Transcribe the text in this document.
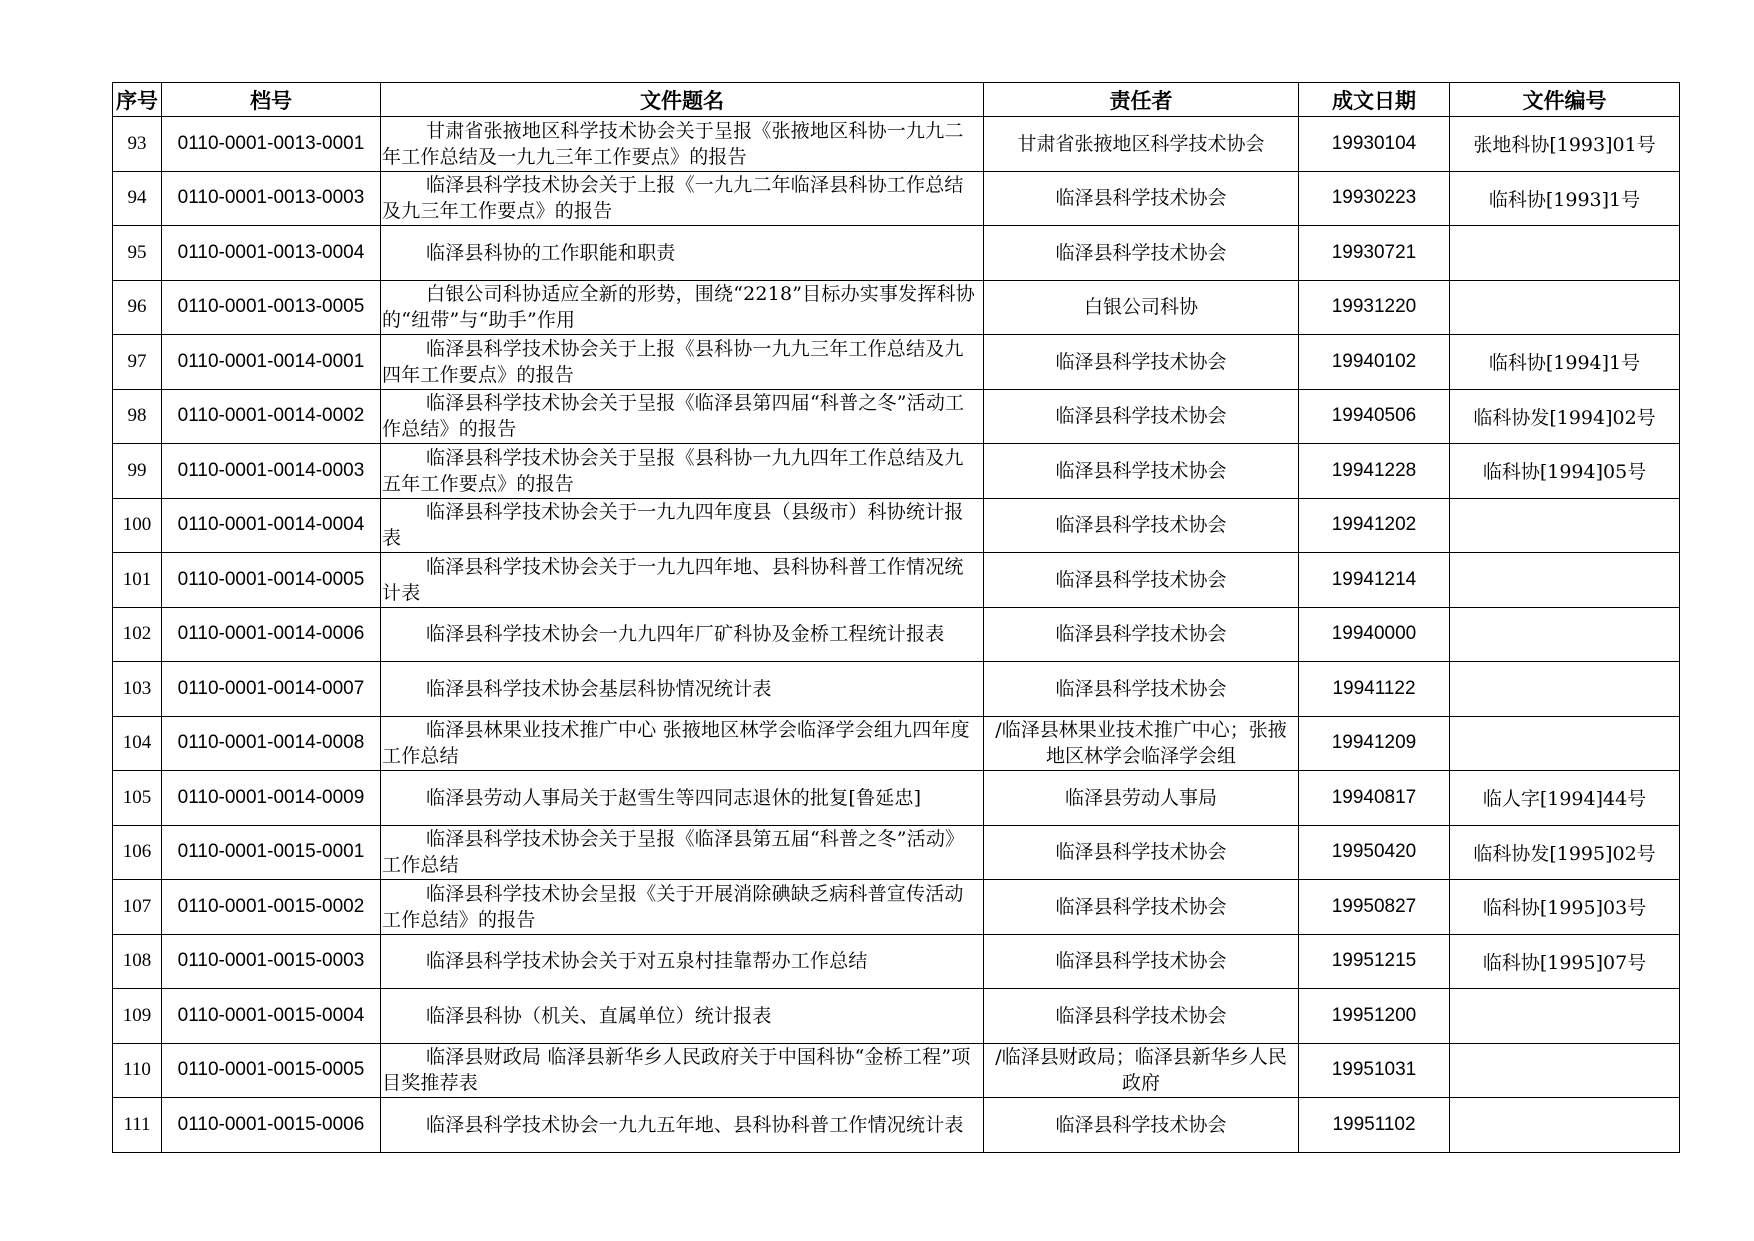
序号	档号	文件题名	责任者	成文日期	文件编号
93	0110-0001-0013-0001	甘肃省张掖地区科学技术协会关于呈报《张掖地区科协一九九二年工作总结及一九九三年工作要点》的报告	甘肃省张掖地区科学技术协会	19930104	张地科协[1993]01号
94	0110-0001-0013-0003	临泽县科学技术协会关于上报《一九九二年临泽县科协工作总结及九三年工作要点》的报告	临泽县科学技术协会	19930223	临科协[1993]1号
95	0110-0001-0013-0004	临泽县科协的工作职能和职责	临泽县科学技术协会	19930721	
96	0110-0001-0013-0005	白银公司科协适应全新的形势，围绕“2218”目标办实事发挥科协的“纽带”与“助手”作用	白银公司科协	19931220	
97	0110-0001-0014-0001	临泽县科学技术协会关于上报《县科协一九九三年工作总结及九四年工作要点》的报告	临泽县科学技术协会	19940102	临科协[1994]1号
98	0110-0001-0014-0002	临泽县科学技术协会关于呈报《临泽县第四届“科普之冬”活动工作总结》的报告	临泽县科学技术协会	19940506	临科协发[1994]02号
99	0110-0001-0014-0003	临泽县科学技术协会关于呈报《县科协一九九四年工作总结及九五年工作要点》的报告	临泽县科学技术协会	19941228	临科协[1994]05号
100	0110-0001-0014-0004	临泽县科学技术协会关于一九九四年度县（县级市）科协统计报表	临泽县科学技术协会	19941202	
101	0110-0001-0014-0005	临泽县科学技术协会关于一九九四年地、县科协科普工作情况统计表	临泽县科学技术协会	19941214	
102	0110-0001-0014-0006	临泽县科学技术协会一九九四年厂矿科协及金桥工程统计报表	临泽县科学技术协会	19940000	
103	0110-0001-0014-0007	临泽县科学技术协会基层科协情况统计表	临泽县科学技术协会	19941122	
104	0110-0001-0014-0008	临泽县林果业技术推广中心 张掖地区林学会临泽学会组九四年度工作总结	/临泽县林果业技术推广中心；张掖地区林学会临泽学会组	19941209	
105	0110-0001-0014-0009	临泽县劳动人事局关于赵雪生等四同志退休的批复[鲁延忠]	临泽县劳动人事局	19940817	临人字[1994]44号
106	0110-0001-0015-0001	临泽县科学技术协会关于呈报《临泽县第五届“科普之冬”活动》工作总结	临泽县科学技术协会	19950420	临科协发[1995]02号
107	0110-0001-0015-0002	临泽县科学技术协会呈报《关于开展消除碘缺乏病科普宣传活动工作总结》的报告	临泽县科学技术协会	19950827	临科协[1995]03号
108	0110-0001-0015-0003	临泽县科学技术协会关于对五泉村挂靠帮办工作总结	临泽县科学技术协会	19951215	临科协[1995]07号
109	0110-0001-0015-0004	临泽县科协（机关、直属单位）统计报表	临泽县科学技术协会	19951200	
110	0110-0001-0015-0005	临泽县财政局 临泽县新华乡人民政府关于中国科协“金桥工程”项目奖推荐表	/临泽县财政局；临泽县新华乡人民政府	19951031	
111	0110-0001-0015-0006	临泽县科学技术协会一九九五年地、县科协科普工作情况统计表	临泽县科学技术协会	19951102	
